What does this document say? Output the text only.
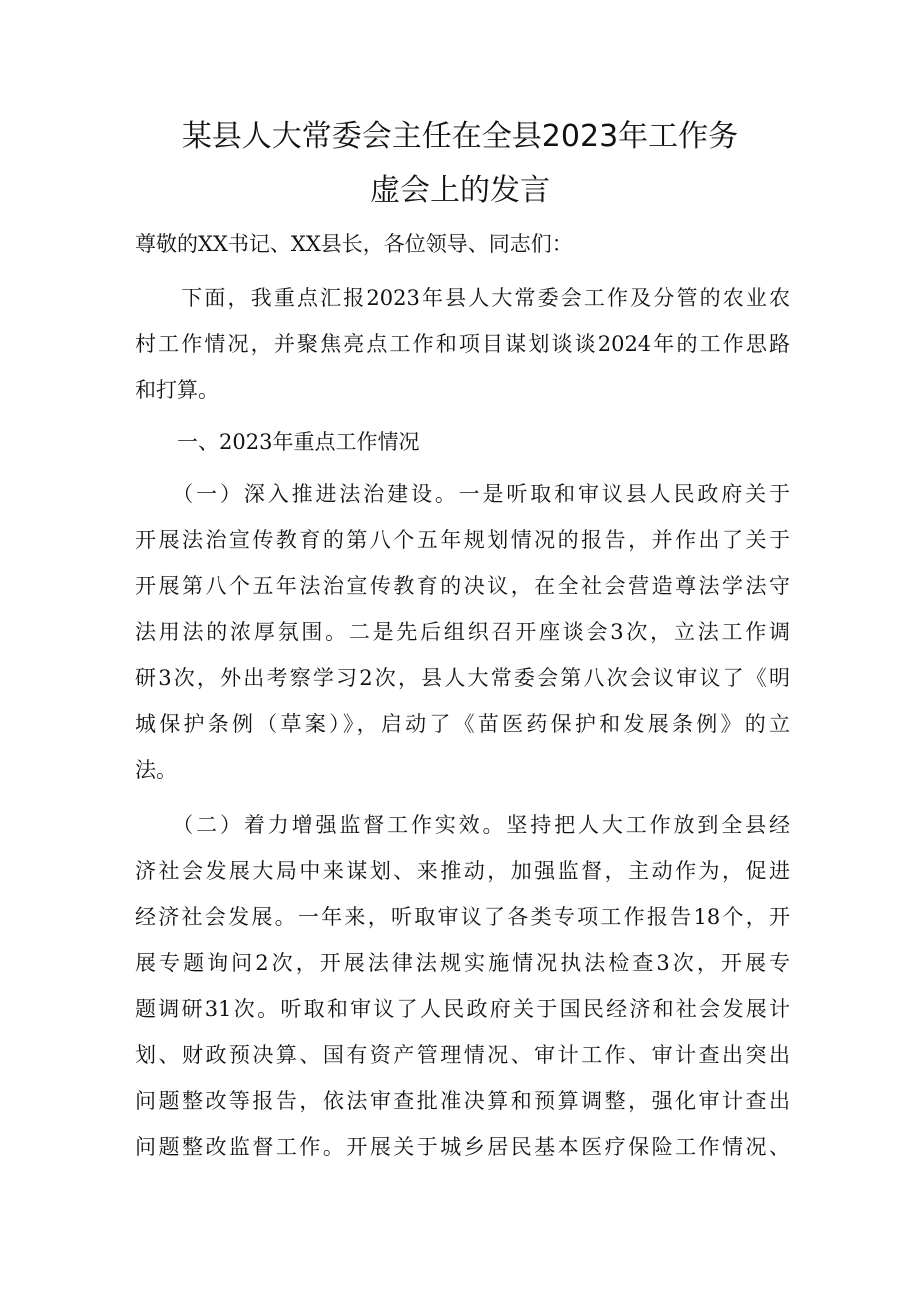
某县人大常委会主任在全县2023年工作务
虚会上的发言
尊敬的XX书记、XX县长，各位领导、同志们：
　　下面，我重点汇报2023年县人大常委会工作及分管的农业农
村工作情况，并聚焦亮点工作和项目谋划谈谈2024年的工作思路
和打算。
　　一、2023年重点工作情况
　　（一）深入推进法治建设。一是听取和审议县人民政府关于
开展法治宣传教育的第八个五年规划情况的报告，并作出了关于
开展第八个五年法治宣传教育的决议，在全社会营造尊法学法守
法用法的浓厚氛围。二是先后组织召开座谈会3次，立法工作调
研3次，外出考察学习2次，县人大常委会第八次会议审议了《明
城保护条例（草案）》，启动了《苗医药保护和发展条例》的立
法。
　　（二）着力增强监督工作实效。坚持把人大工作放到全县经
济社会发展大局中来谋划、来推动，加强监督，主动作为，促进
经济社会发展。一年来，听取审议了各类专项工作报告18个，开
展专题询问2次，开展法律法规实施情况执法检查3次，开展专
题调研31次。听取和审议了人民政府关于国民经济和社会发展计
划、财政预决算、国有资产管理情况、审计工作、审计查出突出
问题整改等报告，依法审查批准决算和预算调整，强化审计查出
问题整改监督工作。开展关于城乡居民基本医疗保险工作情况、
